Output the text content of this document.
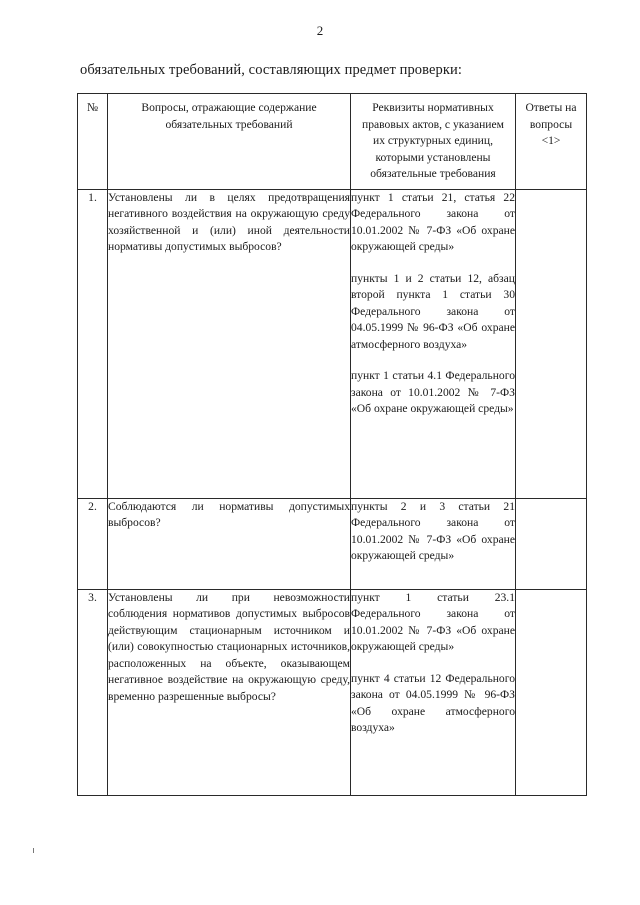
2
обязательных требований, составляющих предмет проверки:
№	Вопросы, отражающие содержание обязательных требований	Реквизиты нормативных правовых актов, с указанием их структурных единиц, которыми установлены обязательные требования	Ответы на вопросы <1>
1.	Установлены ли в целях предотвращения негативного воздействия на окружающую среду хозяйственной и (или) иной деятельности нормативы допустимых выбросов?	пункт 1 статьи 21, статья 22 Федерального закона от 10.01.2002 № 7-ФЗ «Об охране окружающей среды»
пункты 1 и 2 статьи 12, абзац второй пункта 1 статьи 30 Федерального закона от 04.05.1999 № 96-ФЗ «Об охране атмосферного воздуха»
пункт 1 статьи 4.1 Федерального закона от 10.01.2002 № 7-ФЗ «Об охране окружающей среды»	

2.	Соблюдаются ли нормативы допустимых выбросов?	пункты 2 и 3 статьи 21 Федерального закона от 10.01.2002 № 7-ФЗ «Об охране окружающей среды»	

3.	Установлены ли при невозможности соблюдения нормативов допустимых выбросов действующим стационарным источником и (или) совокупностью стационарных источников, расположенных на объекте, оказывающем негативное воздействие на окружающую среду, временно разрешенные выбросы?	пункт 1 статьи 23.1 Федерального закона от 10.01.2002 № 7-ФЗ «Об охране окружающей среды»
пункт 4 статьи 12 Федерального закона от 04.05.1999 № 96-ФЗ «Об охране атмосферного воздуха»	
